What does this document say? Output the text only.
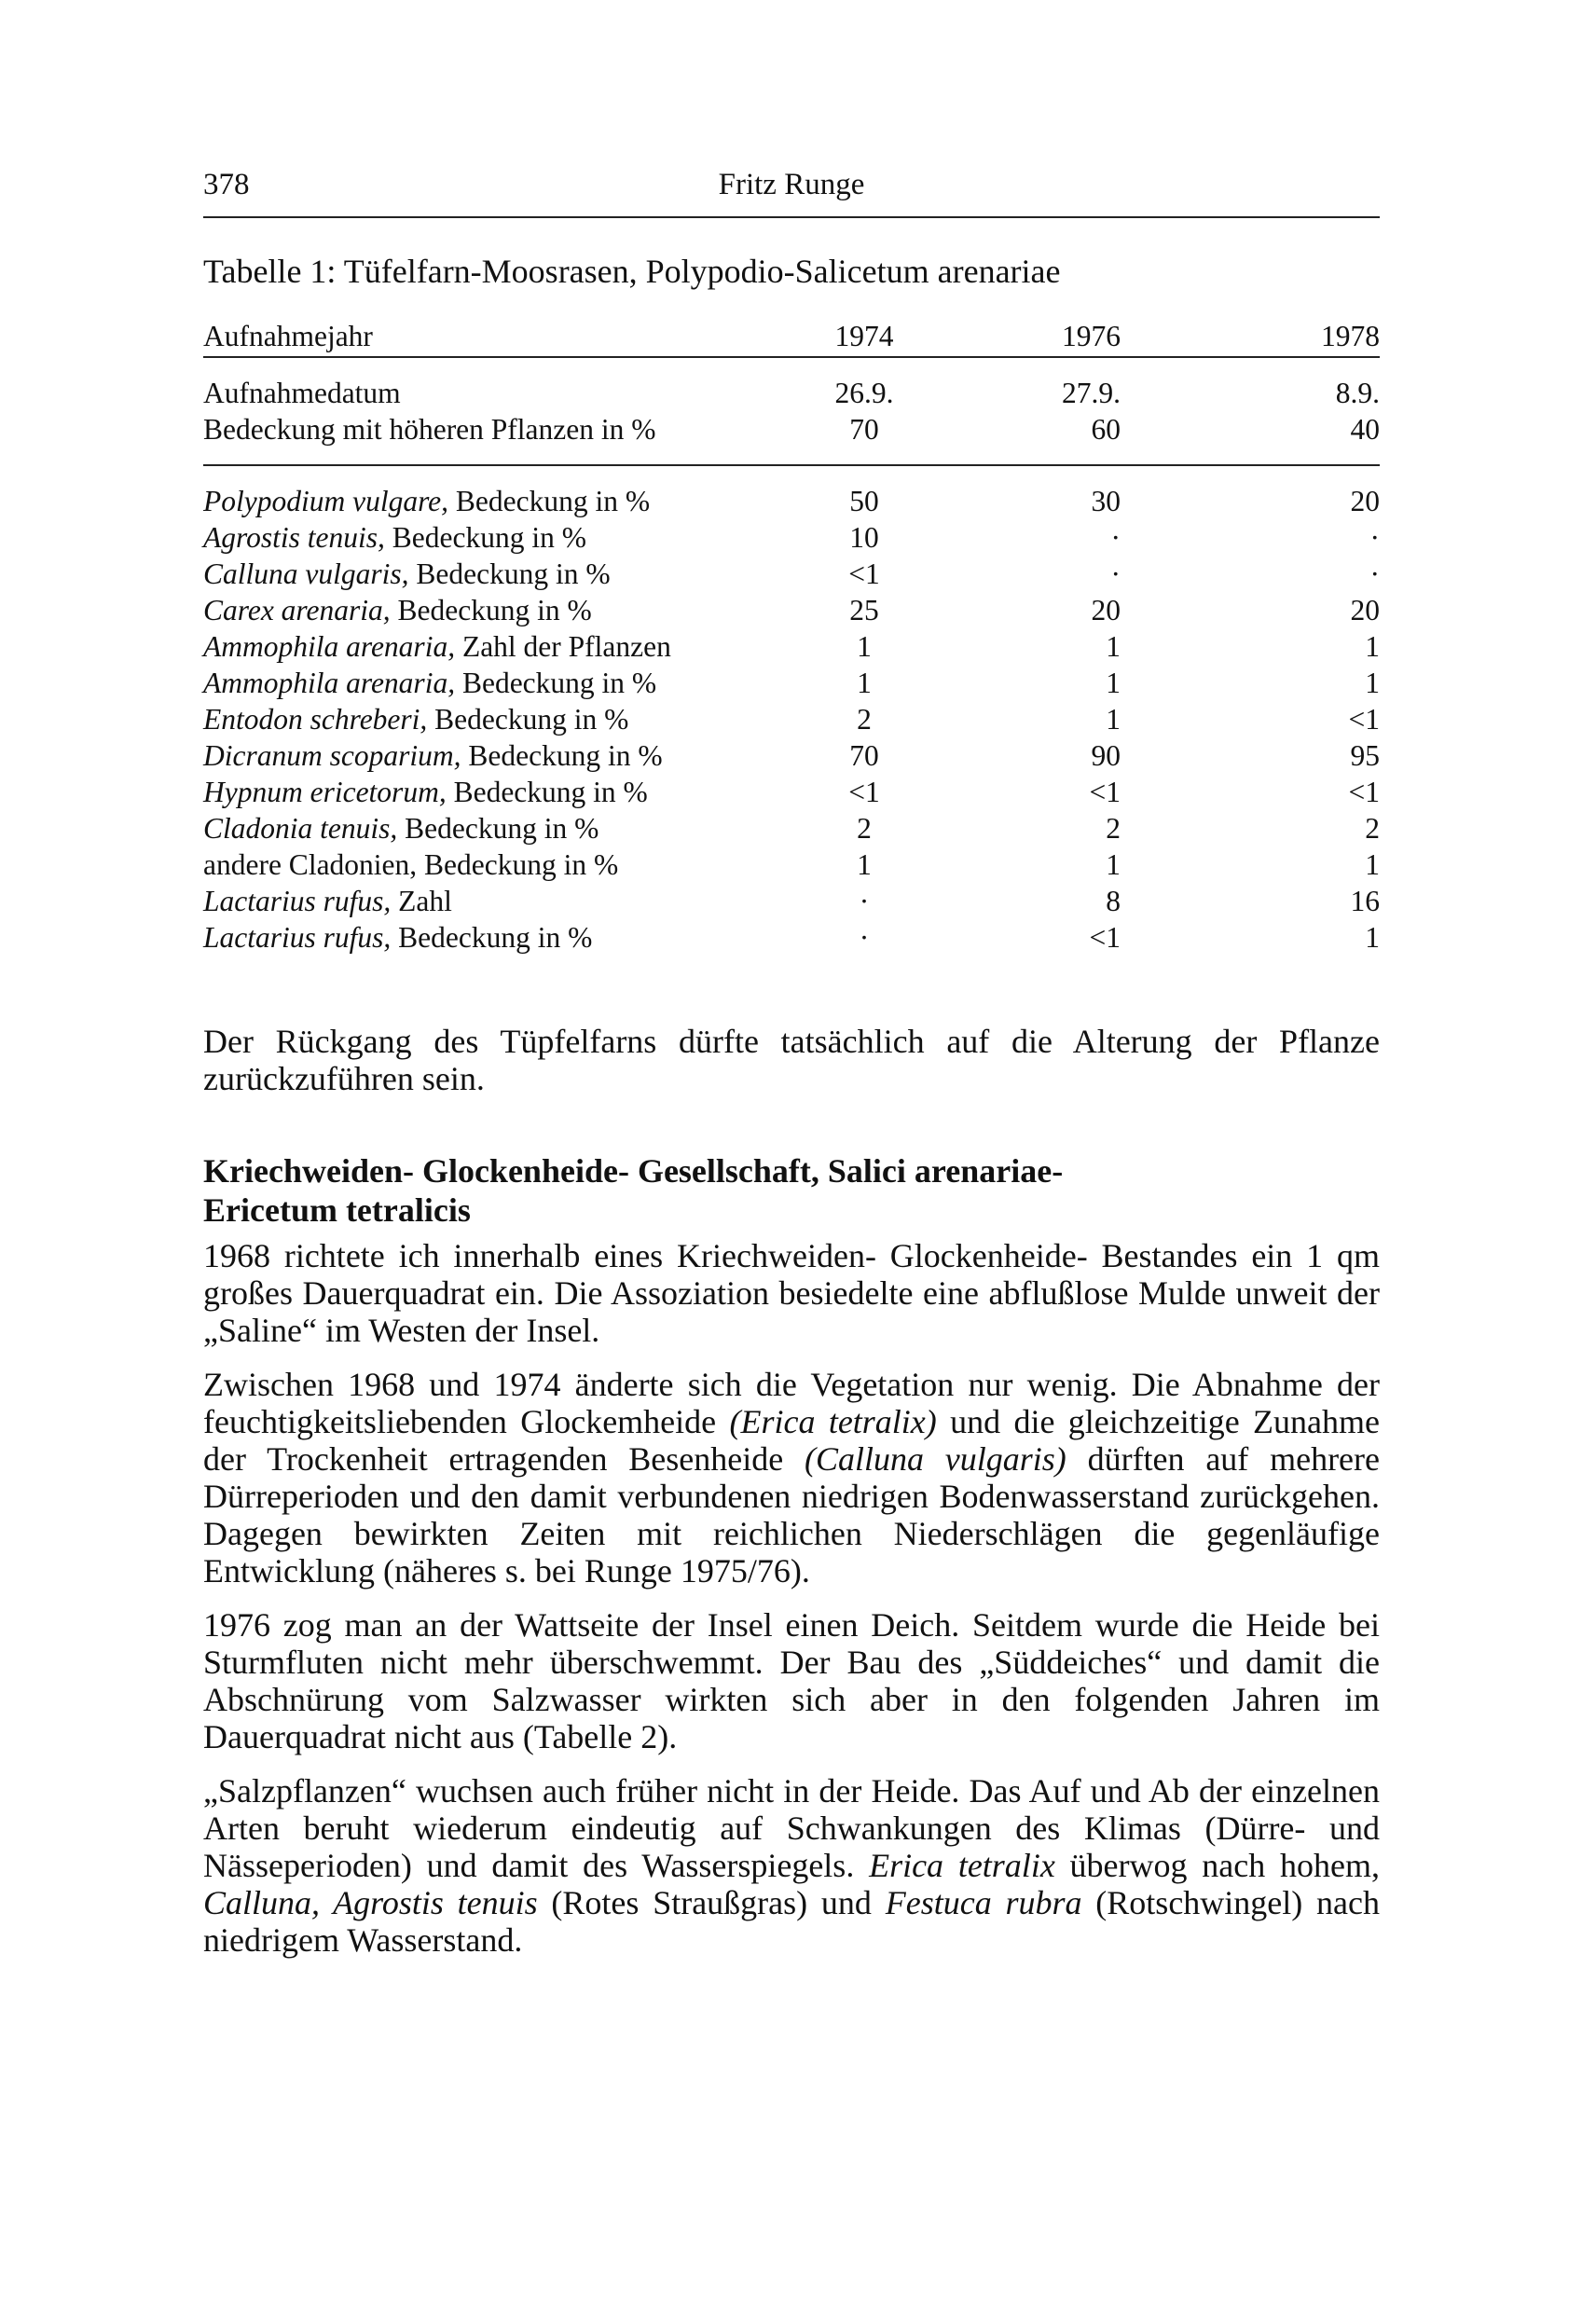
378	Fritz Runge
Tabelle 1: Tüfelfarn-Moosrasen, Polypodio-Salicetum arenariae
Aufnahmejahr	1974	1976	1978

Aufnahmedatum	26.9.	27.9.	8.9.
Bedeckung mit höheren Pflanzen in %	70	60	40

Polypodium vulgare, Bedeckung in %	50	30	20
Agrostis tenuis, Bedeckung in %	10	·	·
Calluna vulgaris, Bedeckung in %	<1	·	·
Carex arenaria, Bedeckung in %	25	20	20
Ammophila arenaria, Zahl der Pflanzen	1	1	1
Ammophila arenaria, Bedeckung in %	1	1	1
Entodon schreberi, Bedeckung in %	2	1	<1
Dicranum scoparium, Bedeckung in %	70	90	95
Hypnum ericetorum, Bedeckung in %	<1	<1	<1
Cladonia tenuis, Bedeckung in %	2	2	2
andere Cladonien, Bedeckung in %	1	1	1
Lactarius rufus, Zahl	·	8	16
Lactarius rufus, Bedeckung in %	·	<1	1

Der Rückgang des Tüpfelfarns dürfte tatsächlich auf die Alterung der Pflanze zurückzuführen sein.

Kriechweiden- Glockenheide- Gesellschaft, Salici arenariae-
Ericetum tetralicis

1968 richtete ich innerhalb eines Kriechweiden- Glockenheide- Bestandes ein 1 qm großes Dauerquadrat ein. Die Assoziation besiedelte eine abflußlose Mulde unweit der „Saline“ im Westen der Insel.

Zwischen 1968 und 1974 änderte sich die Vegetation nur wenig. Die Abnahme der feuchtigkeitsliebenden Glockemheide (Erica tetralix) und die gleichzeitige Zunahme der Trockenheit ertragenden Besenheide (Calluna vulgaris) dürften auf mehrere Dürreperioden und den damit verbundenen niedrigen Bodenwasserstand zurückgehen. Dagegen bewirkten Zeiten mit reichlichen Niederschlägen die gegenläufige Entwicklung (näheres s. bei Runge 1975/76).

1976 zog man an der Wattseite der Insel einen Deich. Seitdem wurde die Heide bei Sturmfluten nicht mehr überschwemmt. Der Bau des „Süddeiches“ und damit die Abschnürung vom Salzwasser wirkten sich aber in den folgenden Jahren im Dauerquadrat nicht aus (Tabelle 2).

„Salzpflanzen“ wuchsen auch früher nicht in der Heide. Das Auf und Ab der einzelnen Arten beruht wiederum eindeutig auf Schwankungen des Klimas (Dürre- und Nässeperioden) und damit des Wasserspiegels. Erica tetralix überwog nach hohem, Calluna, Agrostis tenuis (Rotes Straußgras) und Festuca rubra (Rotschwingel) nach niedrigem Wasserstand.
